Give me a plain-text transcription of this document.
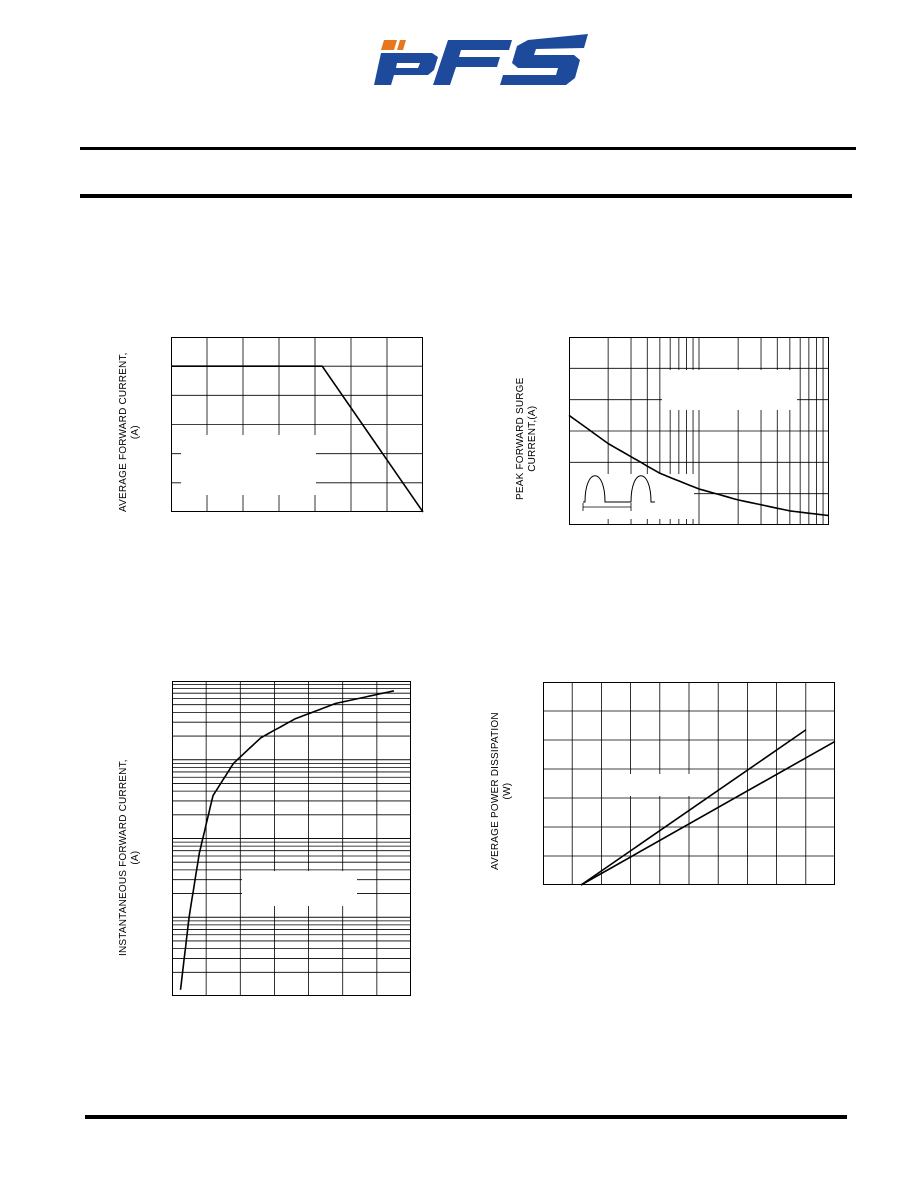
AVERAGE FORWARD CURRENT, (A)	PEAK FORWARD SURGE CURRENT,(A)
INSTANTANEOUS FORWARD CURRENT, (A)	AVERAGE POWER DISSIPATION (W)
